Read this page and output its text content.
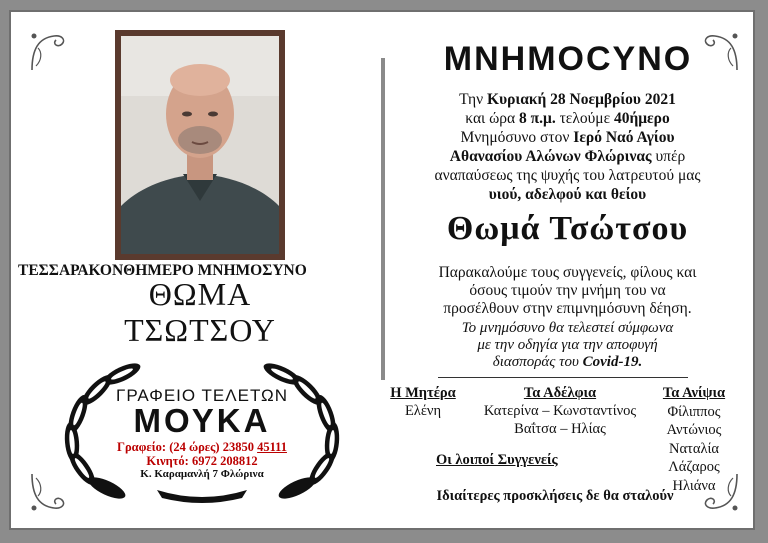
ΤΕΣΣΑΡΑΚΟΝΘΗΜΕΡΟ ΜΝΗΜΟΣΥΝΟ
ΘΩΜΑ
ΤΣΩΤΣΟΥ
ΓΡΑΦΕΙΟ ΤΕΛΕΤΩΝ
ΜΟΥΚΑ
Γραφείο: (24 ώρες) 23850 45111
Κινητό: 6972 208812
Κ. Καραμανλή 7 Φλώρινα
ΜΝΗΜΟCΥΝΟ
Την Κυριακή 28 Νοεμβρίου 2021
και ώρα 8 π.μ. τελούμε 40ήμερο
Μνημόσυνο στον Ιερό Ναό Αγίου
Αθανασίου Αλώνων Φλώρινας υπέρ
αναπαύσεως της ψυχής του λατρευτού μας
υιού, αδελφού και θείου
Θωμά Τσώτσου
Παρακαλούμε τους συγγενείς, φίλους και
όσους τιμούν την μνήμη του να
προσέλθουν στην επιμνημόσυνη δέηση.
Το μνημόσυνο θα τελεστεί σύμφωνα
με την οδηγία για την αποφυγή
διασποράς του Covid-19.
Η Μητέρα
Ελένη
Τα Αδέλφια
Κατερίνα – Κωνσταντίνος
Βαΐτσα – Ηλίας
Τα Ανίψια
Φίλιππος
Αντώνιος
Ναταλία
Λάζαρος
Ηλιάνα
Οι λοιποί Συγγενείς
Ιδιαίτερες προσκλήσεις δε θα σταλούν
